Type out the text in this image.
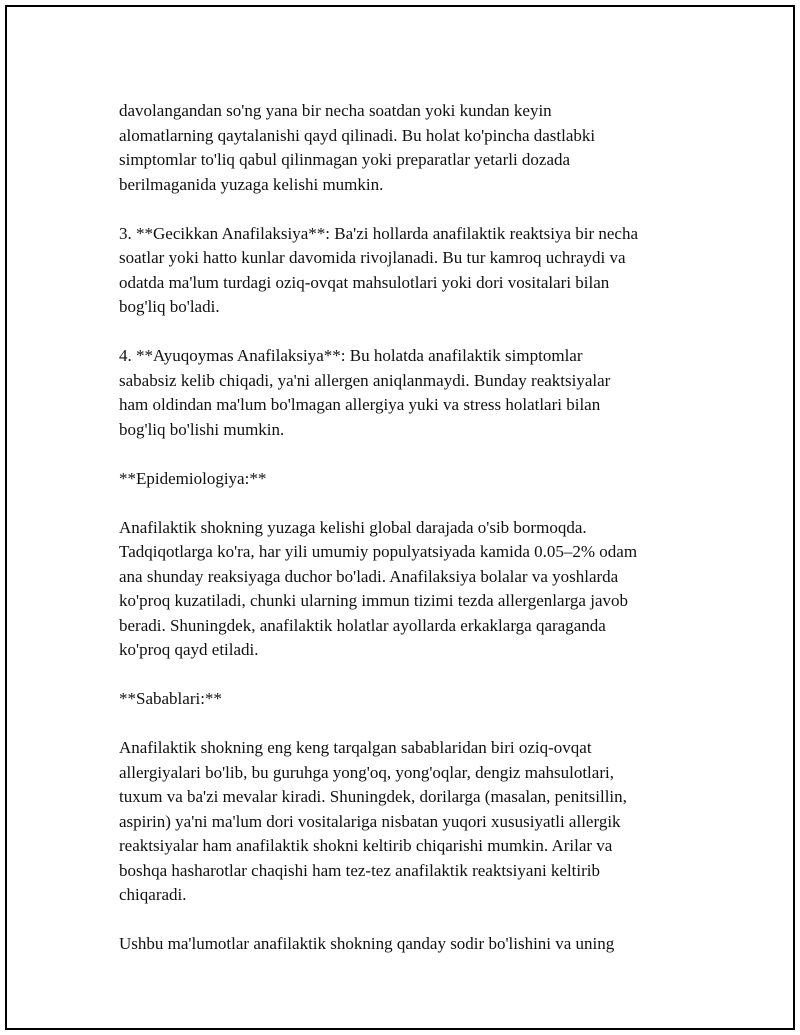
davolangandan so'ng yana bir necha soatdan yoki kundan keyin
alomatlarning qaytalanishi qayd qilinadi. Bu holat ko'pincha dastlabki
simptomlar to'liq qabul qilinmagan yoki preparatlar yetarli dozada
berilmaganida yuzaga kelishi mumkin.

3. **Gecikkan Anafilaksiya**: Ba'zi hollarda anafilaktik reaktsiya bir necha
soatlar yoki hatto kunlar davomida rivojlanadi. Bu tur kamroq uchraydi va
odatda ma'lum turdagi oziq-ovqat mahsulotlari yoki dori vositalari bilan
bog'liq bo'ladi.

4. **Ayuqoymas Anafilaksiya**: Bu holatda anafilaktik simptomlar
sababsiz kelib chiqadi, ya'ni allergen aniqlanmaydi. Bunday reaktsiyalar
ham oldindan ma'lum bo'lmagan allergiya yuki va stress holatlari bilan
bog'liq bo'lishi mumkin.

**Epidemiologiya:**

Anafilaktik shokning yuzaga kelishi global darajada o'sib bormoqda.
Tadqiqotlarga ko'ra, har yili umumiy populyatsiyada kamida 0.05–2% odam
ana shunday reaksiyaga duchor bo'ladi. Anafilaksiya bolalar va yoshlarda
ko'proq kuzatiladi, chunki ularning immun tizimi tezda allergenlarga javob
beradi. Shuningdek, anafilaktik holatlar ayollarda erkaklarga qaraganda
ko'proq qayd etiladi.

**Sabablari:**

Anafilaktik shokning eng keng tarqalgan sabablaridan biri oziq-ovqat
allergiyalari bo'lib, bu guruhga yong'oq, yong'oqlar, dengiz mahsulotlari,
tuxum va ba'zi mevalar kiradi. Shuningdek, dorilarga (masalan, penitsillin,
aspirin) ya'ni ma'lum dori vositalariga nisbatan yuqori xususiyatli allergik
reaktsiyalar ham anafilaktik shokni keltirib chiqarishi mumkin. Arilar va
boshqa hasharotlar chaqishi ham tez-tez anafilaktik reaktsiyani keltirib
chiqaradi.

Ushbu ma'lumotlar anafilaktik shokning qanday sodir bo'lishini va uning
